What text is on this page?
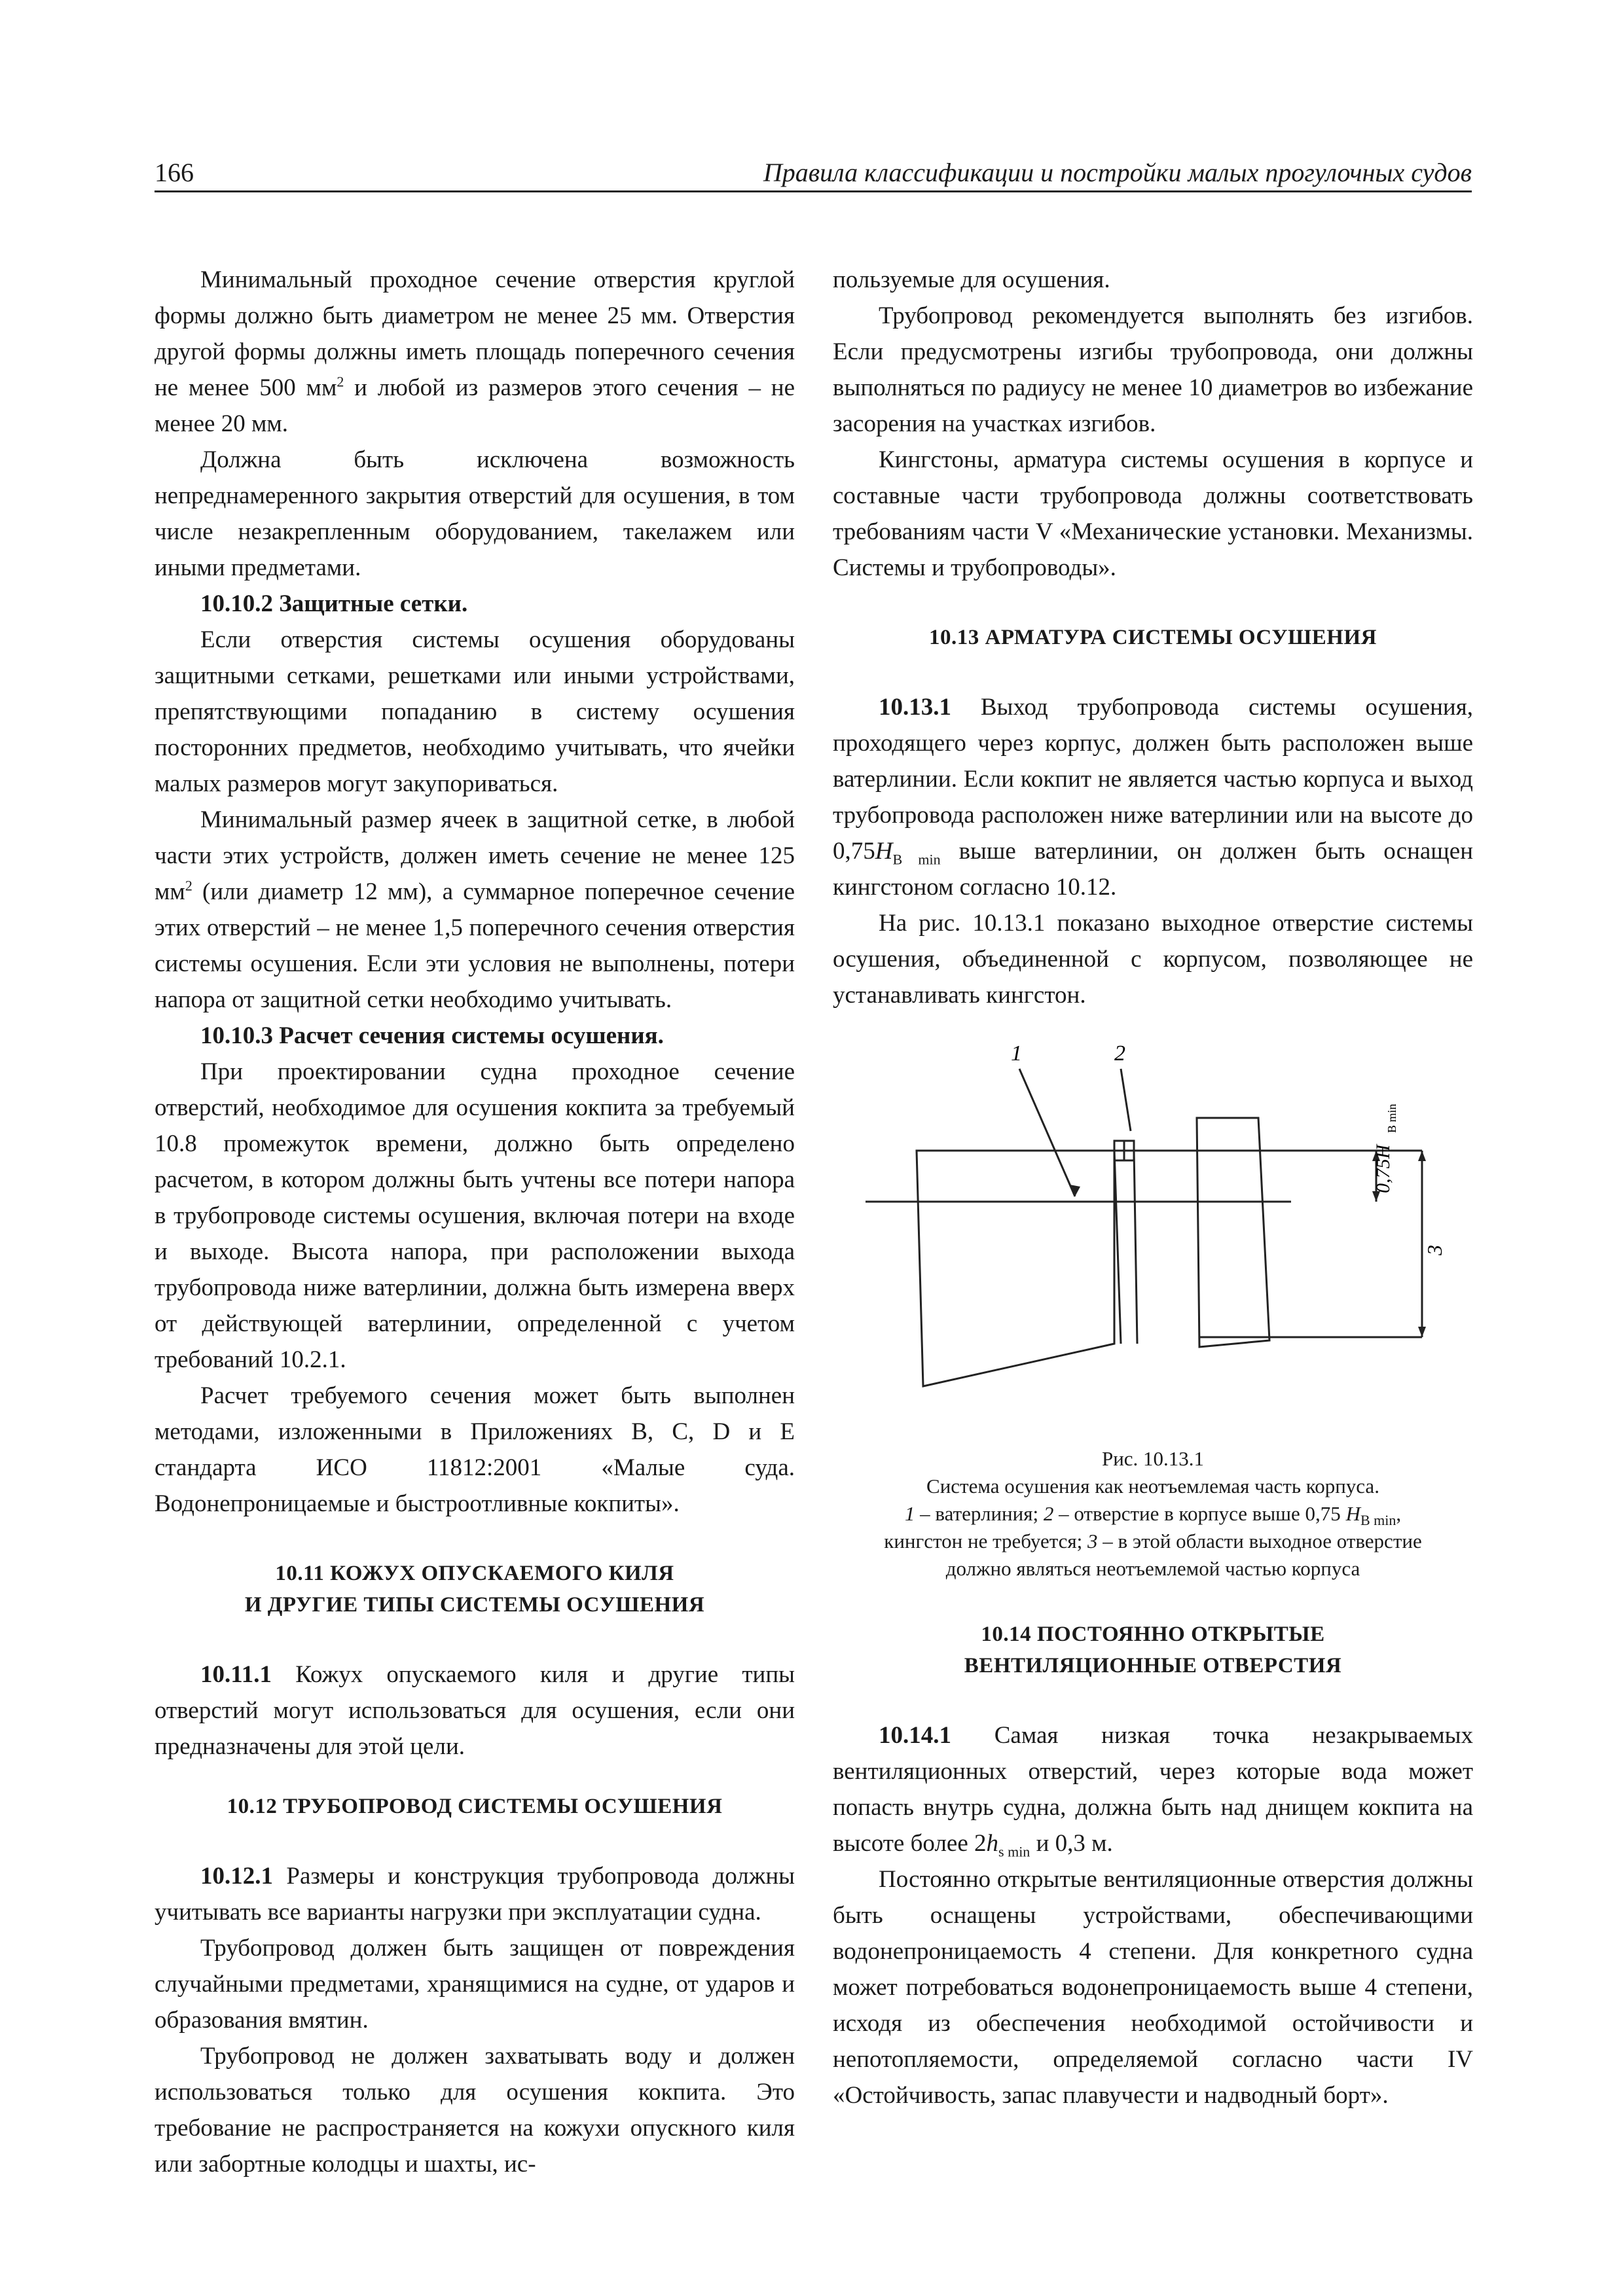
166	Правила классификации и постройки малых прогулочных судов

Минимальный проходное сечение отверстия круглой формы должно быть диаметром не менее 25 мм. Отверстия другой формы должны иметь площадь поперечного сечения не менее 500 $мм^2$ и любой из размеров этого сечения – не менее 20 мм.

Должна быть исключена возможность непреднамеренного закрытия отверстий для осушения, в том числе незакрепленным оборудованием, такелажем или иными предметами.

10.10.2 Защитные сетки.

Если отверстия системы осушения оборудованы защитными сетками, решетками или иными устройствами, препятствующими попаданию в систему осушения посторонних предметов, необходимо учитывать, что ячейки малых размеров могут закупориваться.

Минимальный размер ячеек в защитной сетке, в любой части этих устройств, должен иметь сечение не менее 125 $мм^2$ (или диаметр 12 мм), а суммарное поперечное сечение этих отверстий – не менее 1,5 поперечного сечения отверстия системы осушения. Если эти условия не выполнены, потери напора от защитной сетки необходимо учитывать.

10.10.3 Расчет сечения системы осушения.

При проектировании судна проходное сечение отверстий, необходимое для осушения кокпита за требуемый 10.8 промежуток времени, должно быть определено расчетом, в котором должны быть учтены все потери напора в трубопроводе системы осушения, включая потери на входе и выходе. Высота напора, при расположении выхода трубопровода ниже ватерлинии, должна быть измерена вверх от действующей ватерлинии, определенной с учетом требований 10.2.1.

Расчет требуемого сечения может быть выполнен методами, изложенными в Приложениях B, C, D и E стандарта ИСО 11812:2001 «Малые суда. Водонепроницаемые и быстроотливные кокпиты».

10.11 КОЖУХ ОПУСКАЕМОГО КИЛЯ
И ДРУГИЕ ТИПЫ СИСТЕМЫ ОСУШЕНИЯ

10.11.1 Кожух опускаемого киля и другие типы отверстий могут использоваться для осушения, если они предназначены для этой цели.

10.12 ТРУБОПРОВОД СИСТЕМЫ ОСУШЕНИЯ

10.12.1 Размеры и конструкция трубопровода должны учитывать все варианты нагрузки при эксплуатации судна.

Трубопровод должен быть защищен от повреждения случайными предметами, хранящимися на судне, от ударов и образования вмятин.

Трубопровод не должен захватывать воду и должен использоваться только для осушения кокпита. Это требование не распространяется на кожухи опускного киля или забортные колодцы и шахты, ис-

пользуемые для осушения.

Трубопровод рекомендуется выполнять без изгибов. Если предусмотрены изгибы трубопровода, они должны выполняться по радиусу не менее 10 диаметров во избежание засорения на участках изгибов.

Кингстоны, арматура системы осушения в корпусе и составные части трубопровода должны соответствовать требованиям части V «Механические установки. Механизмы. Системы и трубопроводы».

10.13 АРМАТУРА СИСТЕМЫ ОСУШЕНИЯ

10.13.1 Выход трубопровода системы осушения, проходящего через корпус, должен быть расположен выше ватерлинии. Если кокпит не является частью корпуса и выход трубопровода расположен ниже ватерлинии или на высоте до $0,75H_{B min}$ выше ватерлинии, он должен быть оснащен кингстоном согласно 10.12.

На рис. 10.13.1 показано выходное отверстие системы осушения, объединенной с корпусом, позволяющее не устанавливать кингстон.

1	2
3
0,75H
B min
Рис. 10.13.1
Система осушения как неотъемлемая часть корпуса.
1 – ватерлиния; 2 – отверстие в корпусе выше 0,75 $H_{B min}$,
кингстон не требуется; 3 – в этой области выходное отверстие
должно являться неотъемлемой частью корпуса
10.14 ПОСТОЯННО ОТКРЫТЫЕ
ВЕНТИЛЯЦИОННЫЕ ОТВЕРСТИЯ

10.14.1 Самая низкая точка незакрываемых вентиляционных отверстий, через которые вода может попасть внутрь судна, должна быть над днищем кокпита на высоте более $2h_{s min}$ и 0,3 м.

Постоянно открытые вентиляционные отверстия должны быть оснащены устройствами, обеспечивающими водонепроницаемость 4 степени. Для конкретного судна может потребоваться водонепроницаемость выше 4 степени, исходя из обеспечения необходимой остойчивости и непотопляемости, определяемой согласно части IV «Остойчивость, запас плавучести и надводный борт».
